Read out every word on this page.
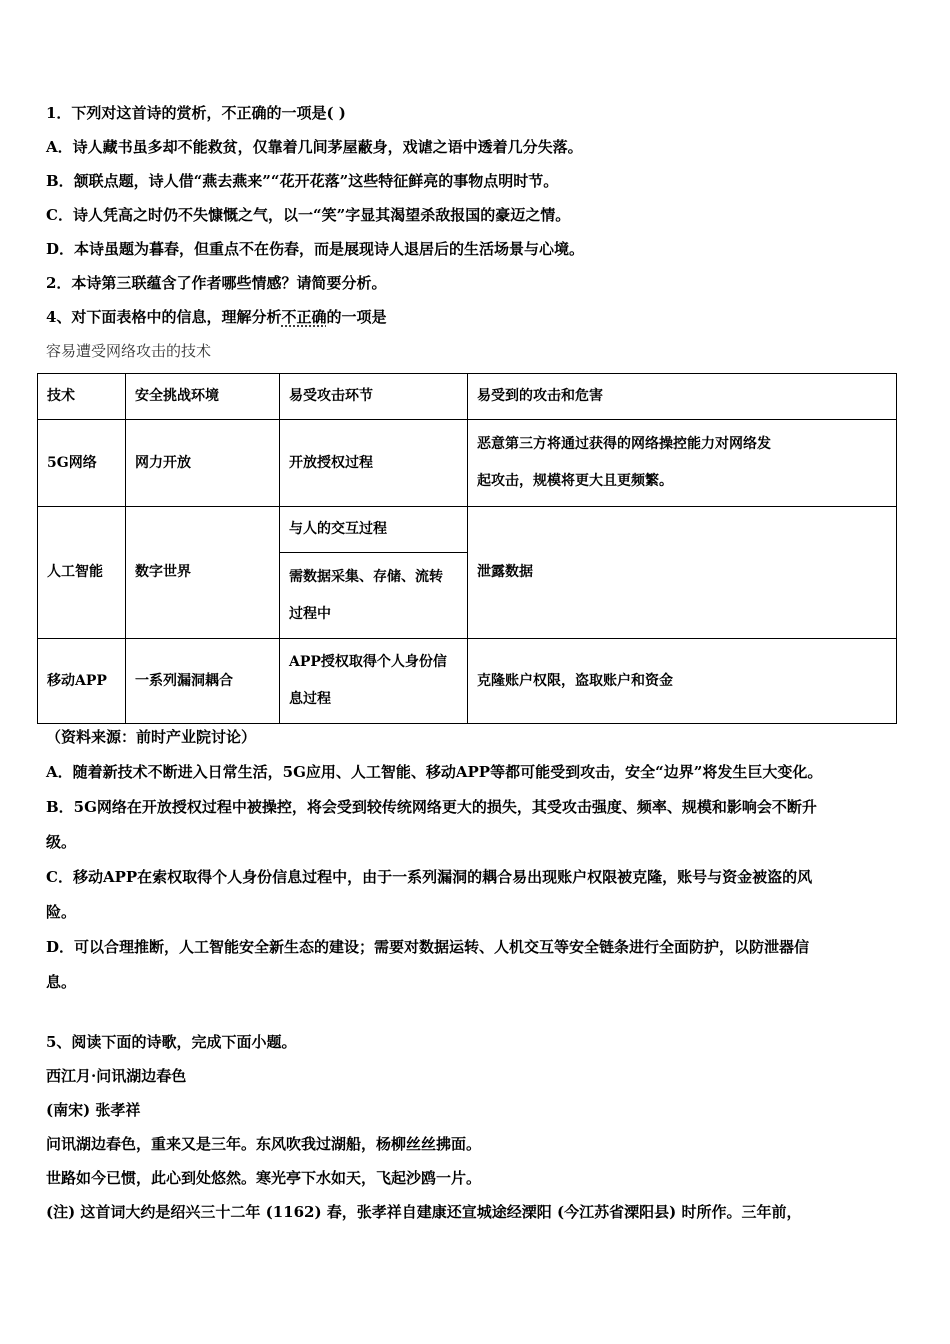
1．下列对这首诗的赏析，不正确的一项是( )
A．诗人藏书虽多却不能救贫，仅靠着几间茅屋蔽身，戏谑之语中透着几分失落。
B．颔联点题，诗人借“燕去燕来”“花开花落”这些特征鲜亮的事物点明时节。
C．诗人凭高之时仍不失慷慨之气，以一“笑”字显其渴望杀敌报国的豪迈之情。
D．本诗虽题为暮春，但重点不在伤春，而是展现诗人退居后的生活场景与心境。
2．本诗第三联蕴含了作者哪些情感？请简要分析。
4、对下面表格中的信息，理解分析不正确的一项是
容易遭受网络攻击的技术
技术	安全挑战环境	易受攻击环节	易受到的攻击和危害
5G网络	网力开放	开放授权过程	恶意第三方将通过获得的网络操控能力对网络发
起攻击，规模将更大且更频繁。

人工智能	数字世界	与人的交互过程	泄露数据

		需数据采集、存储、流转
过程中	

移动APP	一系列漏洞耦合	APP授权取得个人身份信
息过程	克隆账户权限，盗取账户和资金
（资料来源：前时产业院讨论）
A．随着新技术不断进入日常生活，5G应用、人工智能、移动APP等都可能受到攻击，安全“边界”将发生巨大变化。
B．5G网络在开放授权过程中被操控，将会受到较传统网络更大的损失，其受攻击强度、频率、规模和影响会不断升
级。
C．移动APP在索权取得个人身份信息过程中，由于一系列漏洞的耦合易出现账户权限被克隆，账号与资金被盗的风
险。
D．可以合理推断，人工智能安全新生态的建设；需要对数据运转、人机交互等安全链条进行全面防护，以防泄器信
息。
5、阅读下面的诗歌，完成下面小题。
西江月·问讯湖边春色
(南宋) 张孝祥
问讯湖边春色，重来又是三年。东风吹我过湖船，杨柳丝丝拂面。
世路如今已惯，此心到处悠然。寒光亭下水如天，飞起沙鸥一片。
(注) 这首词大约是绍兴三十二年 (1162) 春，张孝祥自建康还宣城途经溧阳 (今江苏省溧阳县) 时所作。三年前，
